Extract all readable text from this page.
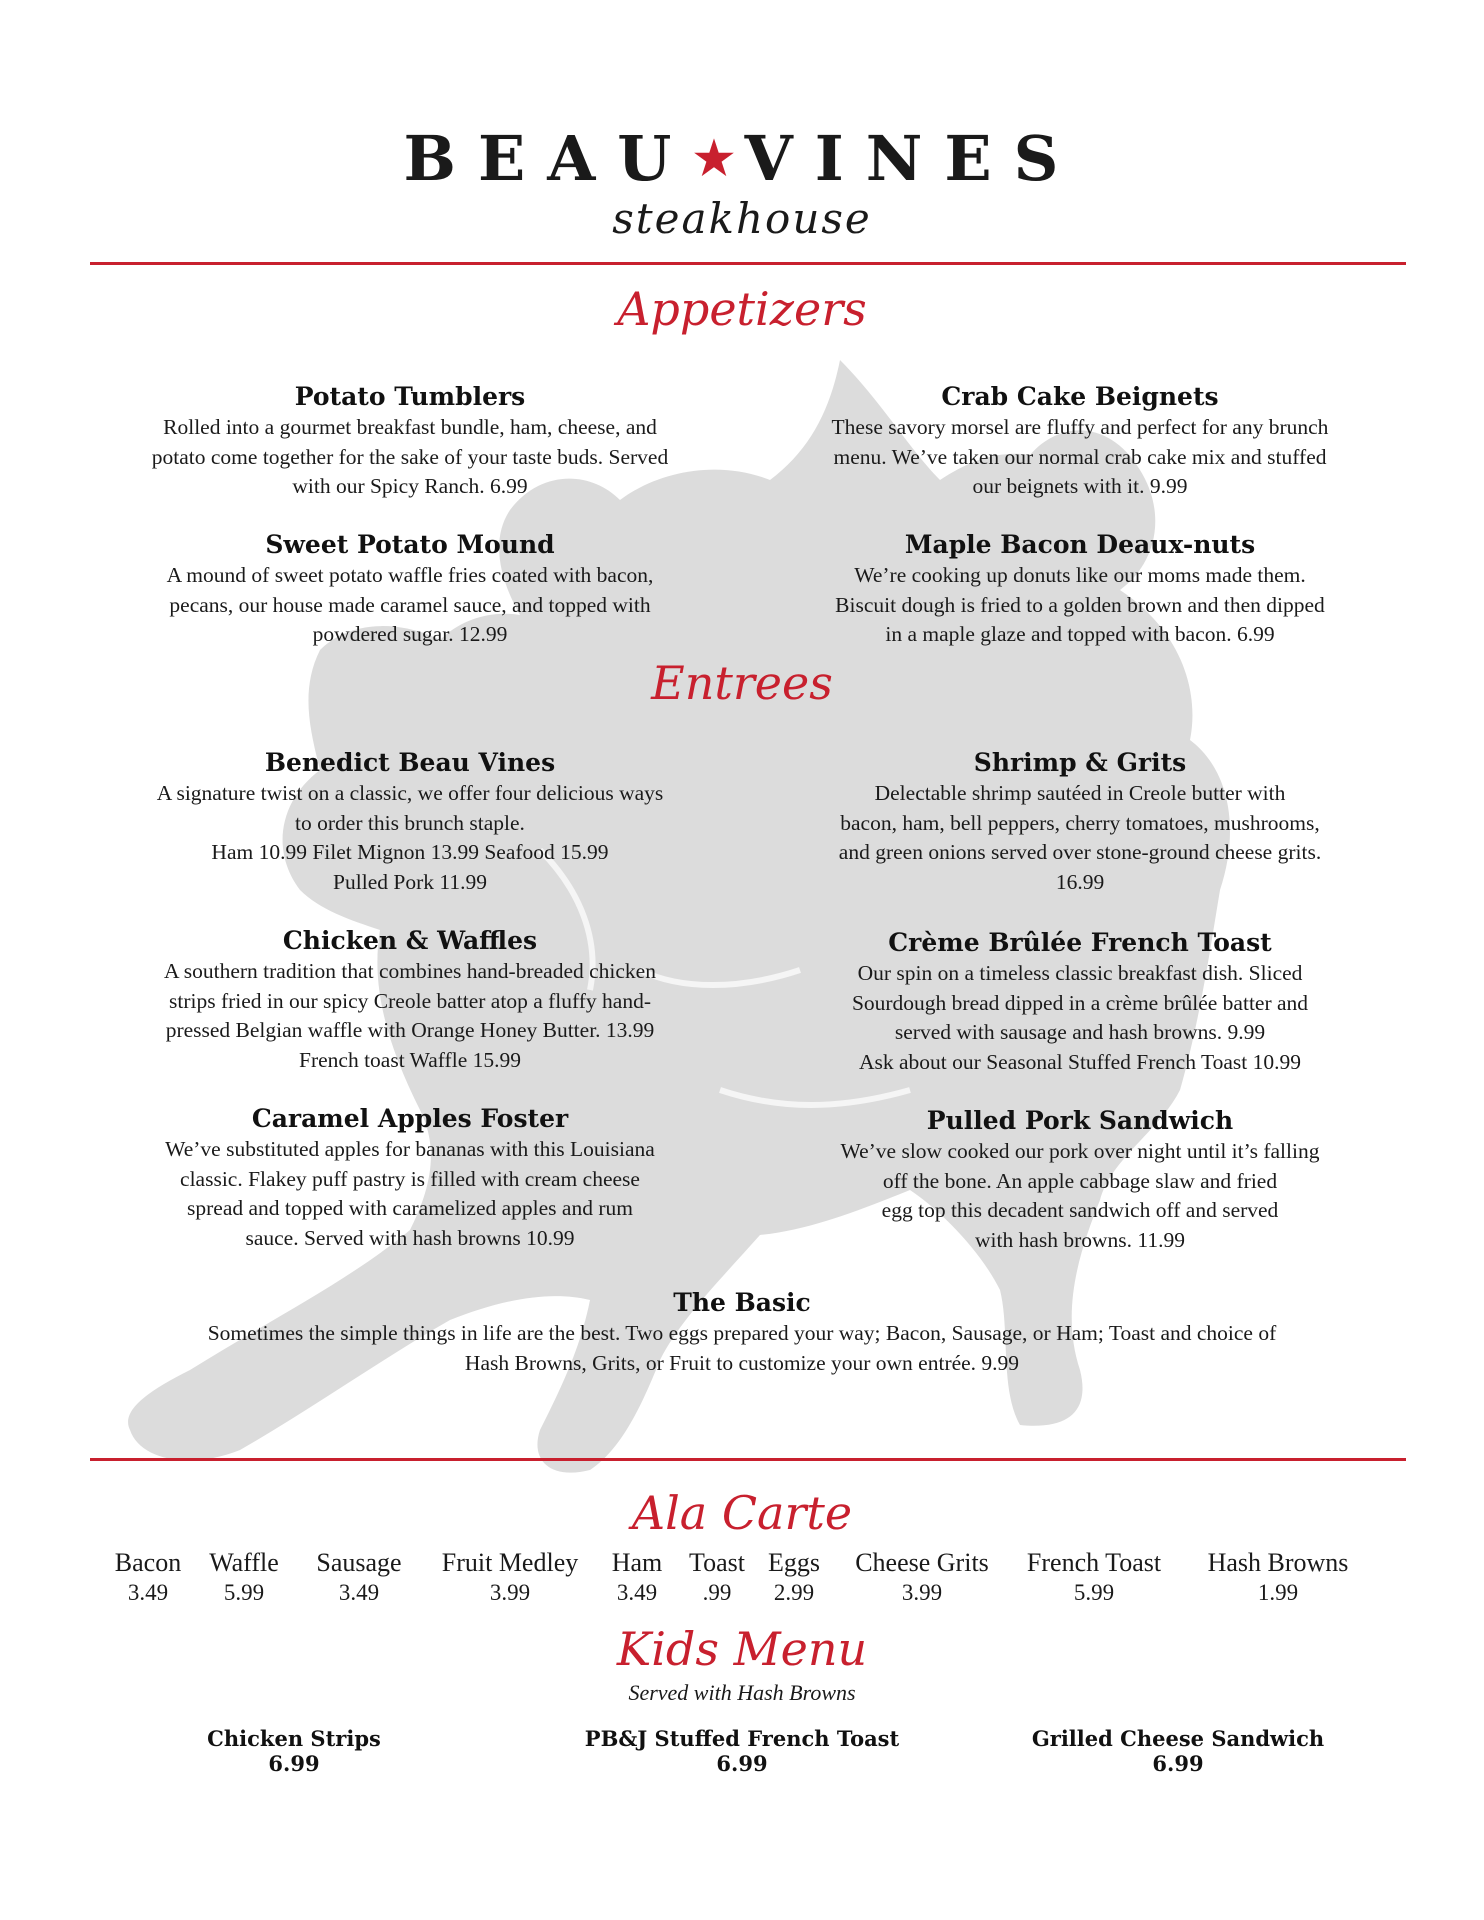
BEAU★VINES
steakhouse
Appetizers
Potato Tumblers
Rolled into a gourmet breakfast bundle, ham, cheese, and
potato come together for the sake of your taste buds. Served
with our Spicy Ranch. 6.99
Crab Cake Beignets
These savory morsel are fluffy and perfect for any brunch
menu. We’ve taken our normal crab cake mix and stuffed
our beignets with it. 9.99
Sweet Potato Mound
A mound of sweet potato waffle fries coated with bacon,
pecans, our house made caramel sauce, and topped with
powdered sugar. 12.99
Maple Bacon Deaux-nuts
We’re cooking up donuts like our moms made them.
Biscuit dough is fried to a golden brown and then dipped
in a maple glaze and topped with bacon. 6.99
Entrees
Benedict Beau Vines
A signature twist on a classic, we offer four delicious ways
to order this brunch staple.
Ham 10.99 Filet Mignon 13.99 Seafood 15.99
Pulled Pork 11.99
Shrimp & Grits
Delectable shrimp sautéed in Creole butter with
bacon, ham, bell peppers, cherry tomatoes, mushrooms,
and green onions served over stone-ground cheese grits.
16.99
Chicken & Waffles
A southern tradition that combines hand-breaded chicken
strips fried in our spicy Creole batter atop a fluffy hand-
pressed Belgian waffle with Orange Honey Butter. 13.99
French toast Waffle 15.99
Crème Brûlée French Toast
Our spin on a timeless classic breakfast dish. Sliced
Sourdough bread dipped in a crème brûlée batter and
served with sausage and hash browns. 9.99
Ask about our Seasonal Stuffed French Toast 10.99
Caramel Apples Foster
We’ve substituted apples for bananas with this Louisiana
classic. Flakey puff pastry is filled with cream cheese
spread and topped with caramelized apples and rum
sauce. Served with hash browns 10.99
Pulled Pork Sandwich
We’ve slow cooked our pork over night until it’s falling
off the bone. An apple cabbage slaw and fried
egg top this decadent sandwich off and served
with hash browns. 11.99
The Basic
Sometimes the simple things in life are the best. Two eggs prepared your way; Bacon, Sausage, or Ham; Toast and choice of
Hash Browns, Grits, or Fruit to customize your own entrée. 9.99
Ala Carte
Bacon
3.49
Waffle
5.99
Sausage
3.49
Fruit Medley
3.99
Ham
3.49
Toast
.99
Eggs
2.99
Cheese Grits
3.99
French Toast
5.99
Hash Browns
1.99
Kids Menu
Served with Hash Browns
Chicken Strips
6.99
PB&J Stuffed French Toast
6.99
Grilled Cheese Sandwich
6.99
